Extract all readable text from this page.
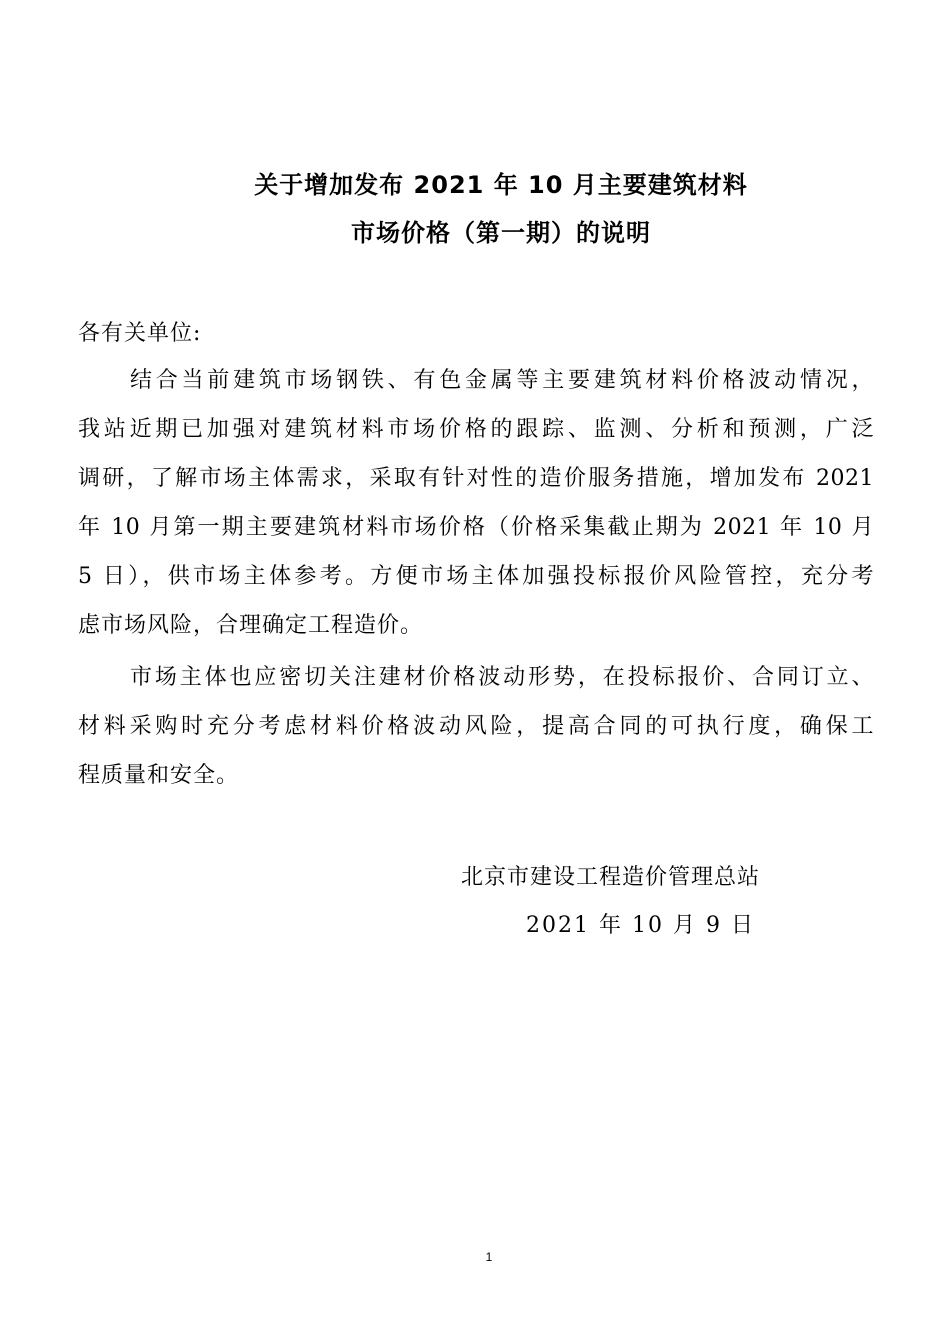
关于增加发布 2021 年 10 月主要建筑材料
市场价格（第一期）的说明
各有关单位:
结合当前建筑市场钢铁、有色金属等主要建筑材料价格波动情况，
我站近期已加强对建筑材料市场价格的跟踪、监测、分析和预测，广泛
调研，了解市场主体需求，采取有针对性的造价服务措施，增加发布 2021
年 10 月第一期主要建筑材料市场价格（价格采集截止期为 2021 年 10 月
5 日），供市场主体参考。方便市场主体加强投标报价风险管控，充分考
虑市场风险，合理确定工程造价。
市场主体也应密切关注建材价格波动形势，在投标报价、合同订立、
材料采购时充分考虑材料价格波动风险，提高合同的可执行度，确保工
程质量和安全。
北京市建设工程造价管理总站
2021 年 10 月 9 日
1
